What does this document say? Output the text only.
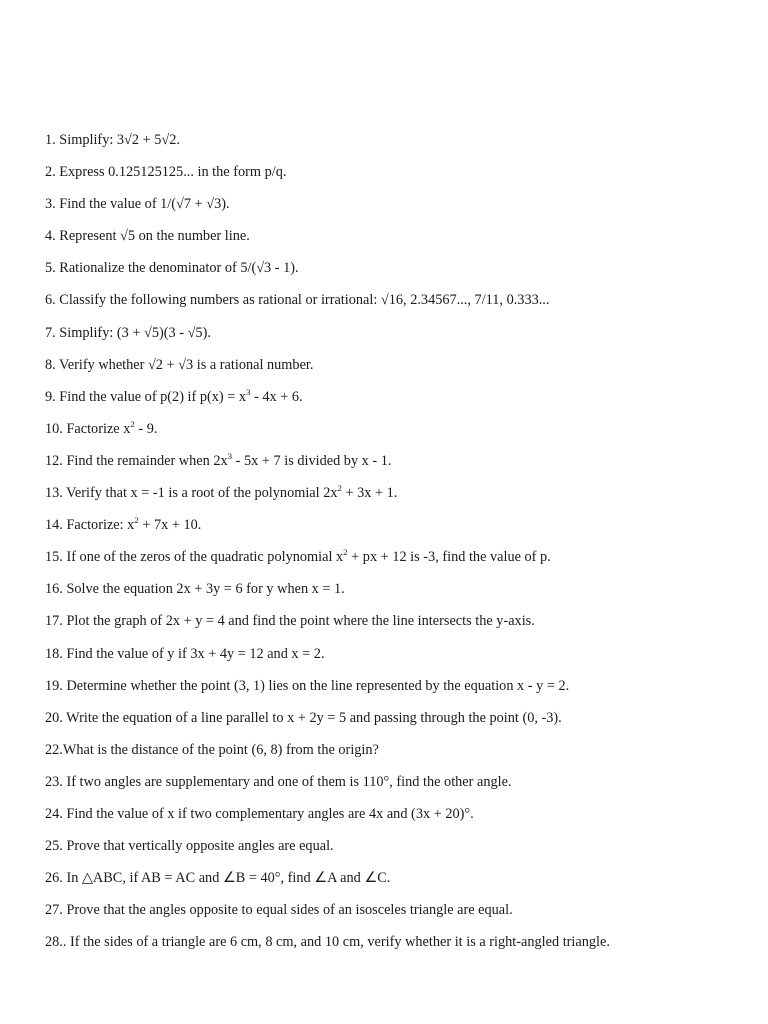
1. Simplify: 3√2 + 5√2.
2. Express 0.125125125... in the form p/q.
3. Find the value of 1/(√7 + √3).
4. Represent √5 on the number line.
5. Rationalize the denominator of 5/(√3 - 1).
6. Classify the following numbers as rational or irrational: √16, 2.34567..., 7/11, 0.333...
7. Simplify: (3 + √5)(3 - √5).
8. Verify whether √2 + √3 is a rational number.
9. Find the value of p(2) if $p(x) = x^3 - 4x + 6$.
10. Factorize $x^2 - 9$.
12. Find the remainder when $2x^3 - 5x + 7$ is divided by x - 1.
13. Verify that x = -1 is a root of the polynomial $2x^2 + 3x + 1$.
14. Factorize: $x^2 + 7x + 10$.
15. If one of the zeros of the quadratic polynomial $x^2$ + px + 12 is -3, find the value of p.
16. Solve the equation 2x + 3y = 6 for y when x = 1.
17. Plot the graph of 2x + y = 4 and find the point where the line intersects the y-axis.
18. Find the value of y if 3x + 4y = 12 and x = 2.
19. Determine whether the point (3, 1) lies on the line represented by the equation x - y = 2.
20. Write the equation of a line parallel to x + 2y = 5 and passing through the point (0, -3).
22.What is the distance of the point (6, 8) from the origin?
23. If two angles are supplementary and one of them is 110°, find the other angle.
24. Find the value of x if two complementary angles are 4x and (3x + 20)°.
25. Prove that vertically opposite angles are equal.
26. In △ABC, if AB = AC and ∠B = 40°, find ∠A and ∠C.
27. Prove that the angles opposite to equal sides of an isosceles triangle are equal.
28.. If the sides of a triangle are 6 cm, 8 cm, and 10 cm, verify whether it is a right-angled triangle.
